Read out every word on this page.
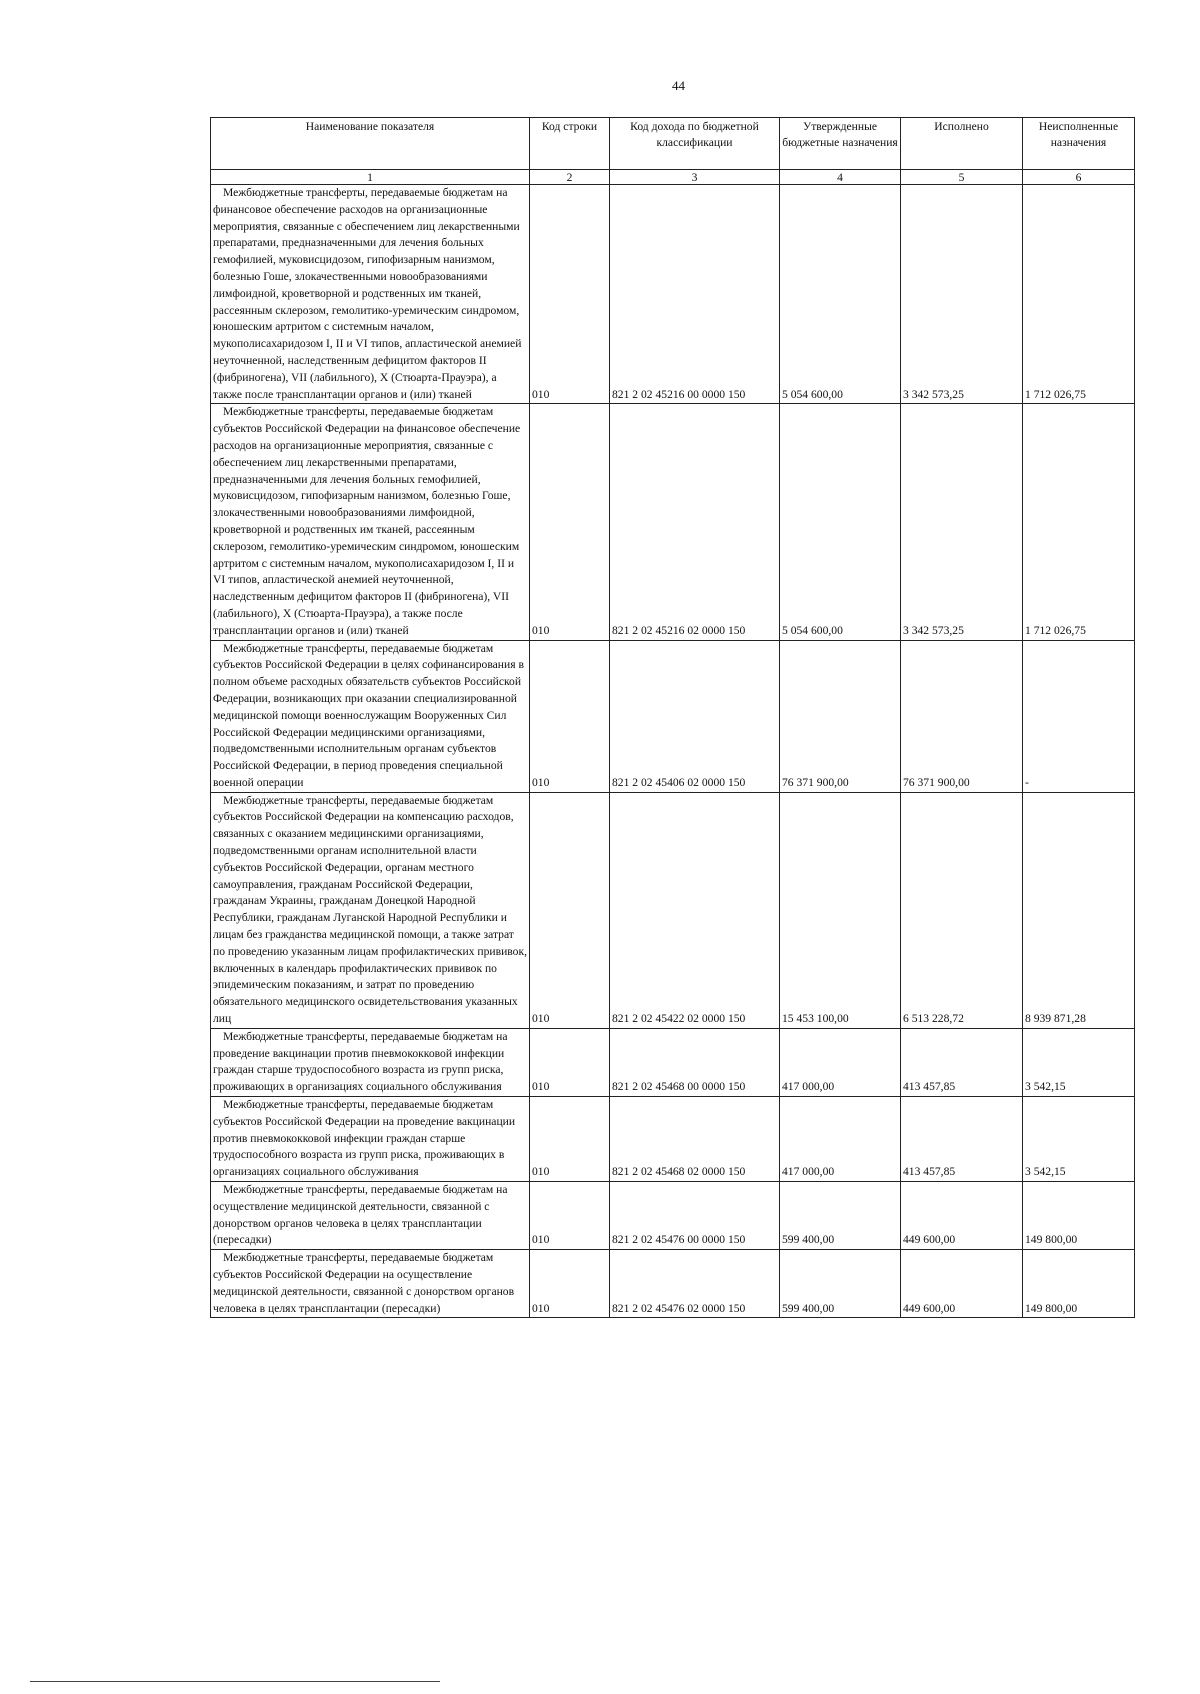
44
Наименование показателя	Код строки	Код дохода по бюджетной классификации	Утвержденные бюджетные назначения	Исполнено	Неисполненные назначения
1	2	3	4	5	6

Межбюджетные трансферты, передаваемые бюджетам на финансовое обеспечение расходов на организационные мероприятия, связанные с обеспечением лиц лекарственными препаратами, предназначенными для лечения больных гемофилией, муковисцидозом, гипофизарным нанизмом, болезнью Гоше, злокачественными новообразованиями лимфоидной, кроветворной и родственных им тканей, рассеянным склерозом, гемолитико-уремическим синдромом, юношеским артритом с системным началом, мукополисахаридозом I, II и VI типов, апластической анемией неуточненной, наследственным дефицитом факторов II (фибриногена), VII (лабильного), X (Стюарта-Прауэра), а также после трансплантации органов и (или) тканей	010	821 2 02 45216 00 0000 150	5 054 600,00	3 342 573,25	1 712 026,75

Межбюджетные трансферты, передаваемые бюджетам субъектов Российской Федерации на финансовое обеспечение расходов на организационные мероприятия, связанные с обеспечением лиц лекарственными препаратами, предназначенными для лечения больных гемофилией, муковисцидозом, гипофизарным нанизмом, болезнью Гоше, злокачественными новообразованиями лимфоидной, кроветворной и родственных им тканей, рассеянным склерозом, гемолитико-уремическим синдромом, юношеским артритом с системным началом, мукополисахаридозом I, II и VI типов, апластической анемией неуточненной, наследственным дефицитом факторов II (фибриногена), VII (лабильного), X (Стюарта-Прауэра), а также после трансплантации органов и (или) тканей	010	821 2 02 45216 02 0000 150	5 054 600,00	3 342 573,25	1 712 026,75

Межбюджетные трансферты, передаваемые бюджетам субъектов Российской Федерации в целях софинансирования в полном объеме расходных обязательств субъектов Российской Федерации, возникающих при оказании специализированной медицинской помощи военнослужащим Вооруженных Сил Российской Федерации медицинскими организациями, подведомственными исполнительным органам субъектов Российской Федерации, в период проведения специальной военной операции	010	821 2 02 45406 02 0000 150	76 371 900,00	76 371 900,00	-

Межбюджетные трансферты, передаваемые бюджетам субъектов Российской Федерации на компенсацию расходов, связанных с оказанием медицинскими организациями, подведомственными органам исполнительной власти субъектов Российской Федерации, органам местного самоуправления, гражданам Российской Федерации, гражданам Украины, гражданам Донецкой Народной Республики, гражданам Луганской Народной Республики и лицам без гражданства медицинской помощи, а также затрат по проведению указанным лицам профилактических прививок, включенных в календарь профилактических прививок по эпидемическим показаниям, и затрат по проведению обязательного медицинского освидетельствования указанных лиц	010	821 2 02 45422 02 0000 150	15 453 100,00	6 513 228,72	8 939 871,28

Межбюджетные трансферты, передаваемые бюджетам на проведение вакцинации против пневмококковой инфекции граждан старше трудоспособного возраста из групп риска, проживающих в организациях социального обслуживания	010	821 2 02 45468 00 0000 150	417 000,00	413 457,85	3 542,15

Межбюджетные трансферты, передаваемые бюджетам субъектов Российской Федерации на проведение вакцинации против пневмококковой инфекции граждан старше трудоспособного возраста из групп риска, проживающих в организациях социального обслуживания	010	821 2 02 45468 02 0000 150	417 000,00	413 457,85	3 542,15

Межбюджетные трансферты, передаваемые бюджетам на осуществление медицинской деятельности, связанной с донорством органов человека в целях трансплантации (пересадки)	010	821 2 02 45476 00 0000 150	599 400,00	449 600,00	149 800,00

Межбюджетные трансферты, передаваемые бюджетам субъектов Российской Федерации на осуществление медицинской деятельности, связанной с донорством органов человека в целях трансплантации (пересадки)	010	821 2 02 45476 02 0000 150	599 400,00	449 600,00	149 800,00
